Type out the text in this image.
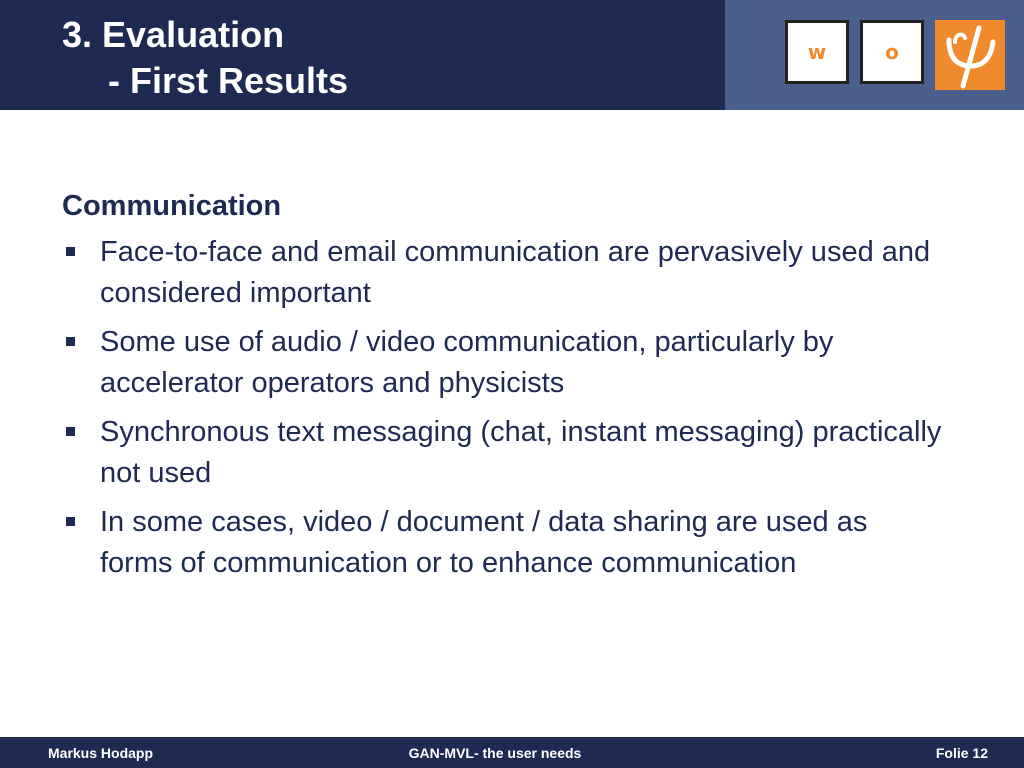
3. Evaluation
- First Results
w	o
Communication
Face-to-face and email communication are pervasively used and considered important
Some use of audio / video communication, particularly by accelerator operators and physicists
Synchronous text messaging (chat, instant messaging) practically not used
In some cases, video / document / data sharing are used as forms of communication or to enhance communication
Markus Hodapp	GAN-MVL- the user needs	Folie 12
